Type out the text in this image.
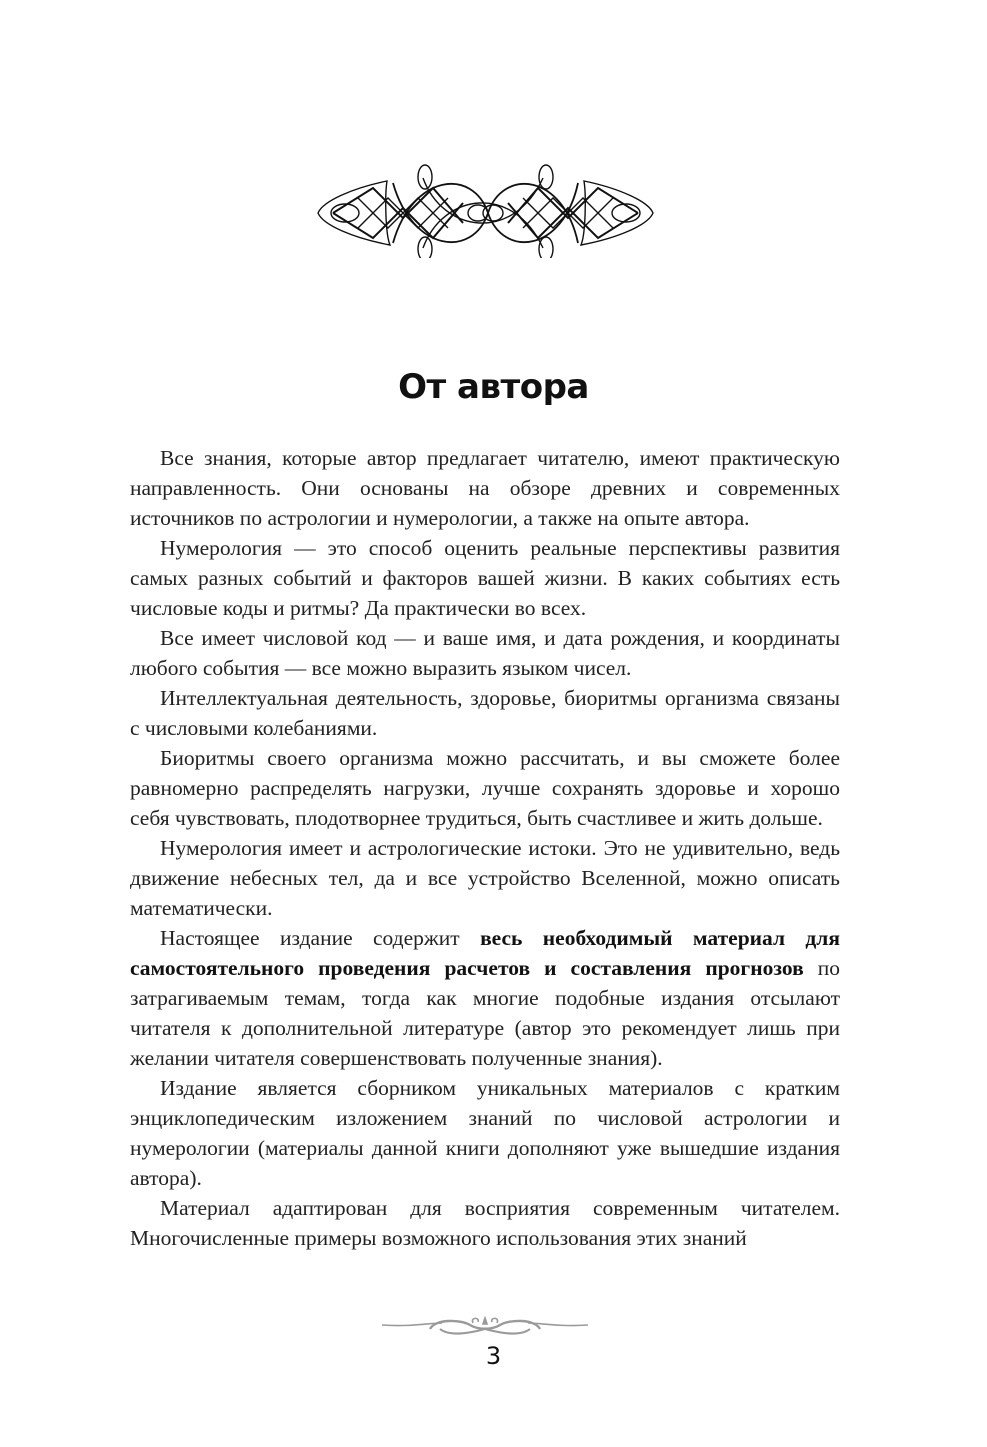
От автора

Все знания, которые автор предлагает читателю, имеют практическую направленность. Они основаны на обзоре древних и современных источников по астрологии и нумерологии, а также на опыте автора.

Нумерология — это способ оценить реальные перспективы развития самых разных событий и факторов вашей жизни. В каких событиях есть числовые коды и ритмы? Да практически во всех.

Все имеет числовой код — и ваше имя, и дата рождения, и координаты любого события — все можно выразить языком чисел.

Интеллектуальная деятельность, здоровье, биоритмы организма связаны с числовыми колебаниями.

Биоритмы своего организма можно рассчитать, и вы сможете более равномерно распределять нагрузки, лучше сохранять здоровье и хорошо себя чувствовать, плодотворнее трудиться, быть счастливее и жить дольше.

Нумерология имеет и астрологические истоки. Это не удивительно, ведь движение небесных тел, да и все устройство Вселенной, можно описать математически.

Настоящее издание содержит весь необходимый материал для самостоятельного проведения расчетов и составления прогнозов по затрагиваемым темам, тогда как многие подобные издания отсылают читателя к дополнительной литературе (автор это рекомендует лишь при желании читателя совершенствовать полученные знания).

Издание является сборником уникальных материалов с кратким энциклопедическим изложением знаний по числовой астрологии и нумерологии (материалы данной книги дополняют уже вышедшие издания автора).

Материал адаптирован для восприятия современным читателем. Многочисленные примеры возможного использования этих знаний

3
